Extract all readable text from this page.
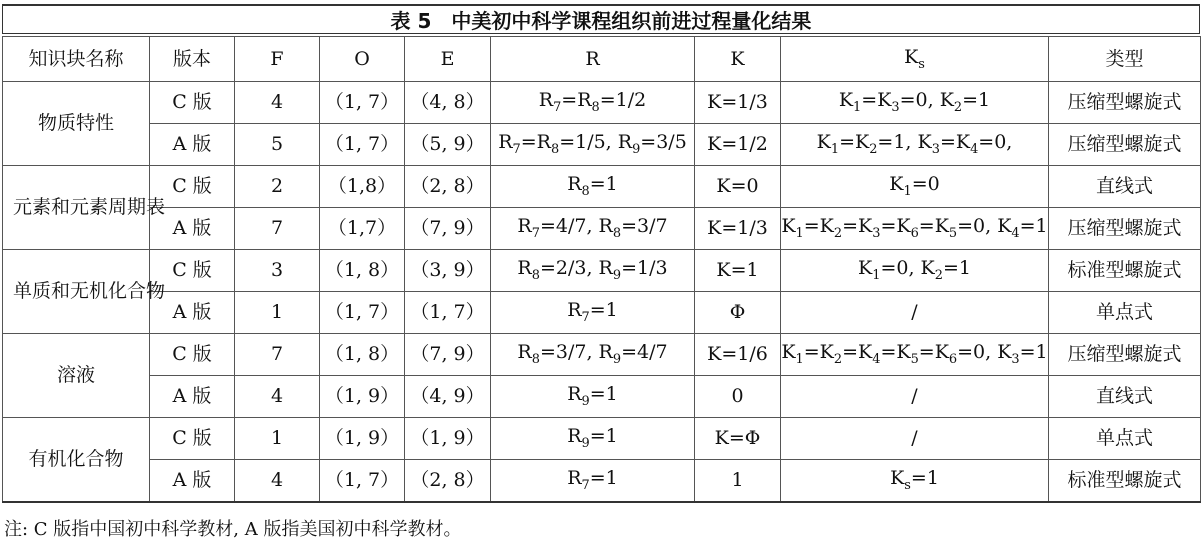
表 5　中美初中科学课程组织前进过程量化结果
知识块名称	版本	F	O	E	R	K	$K_s$	类型
物质特性	C 版	4	（1, 7）	（4, 8）	$R_7=R_8=1/2$	K=1/3	$K_1=K_3=0$, $K_2=1$	压缩型螺旋式
	A 版	5	（1, 7）	（5, 9）	$R_7=R_8=1/5$, $R_9=3/5$	K=1/2	$K_1=K_2=1$, $K_3=K_4=0$,	压缩型螺旋式
元素和元素周期表	C 版	2	（1,8）	（2, 8）	$R_8=1$	K=0	$K_1=0$	直线式
	A 版	7	（1,7）	（7, 9）	$R_7=4/7$, $R_8=3/7$	K=1/3	$K_1=K_2=K_3=K_6=K_5=0$, $K_4=1$	压缩型螺旋式
单质和无机化合物	C 版	3	（1, 8）	（3, 9）	$R_8=2/3$, $R_9=1/3$	K=1	$K_1=0$, $K_2=1$	标准型螺旋式
	A 版	1	（1, 7）	（1, 7）	$R_7=1$	Φ	/	单点式
溶液	C 版	7	（1, 8）	（7, 9）	$R_8=3/7$, $R_9=4/7$	K=1/6	$K_1=K_2=K_4=K_5=K_6=0$, $K_3=1$	压缩型螺旋式
	A 版	4	（1, 9）	（4, 9）	$R_9=1$	0	/	直线式
有机化合物	C 版	1	（1, 9）	（1, 9）	$R_9=1$	K=Φ	/	单点式
	A 版	4	（1, 7）	（2, 8）	$R_7=1$	1	$K_s=1$	标准型螺旋式
注: C 版指中国初中科学教材, A 版指美国初中科学教材。
